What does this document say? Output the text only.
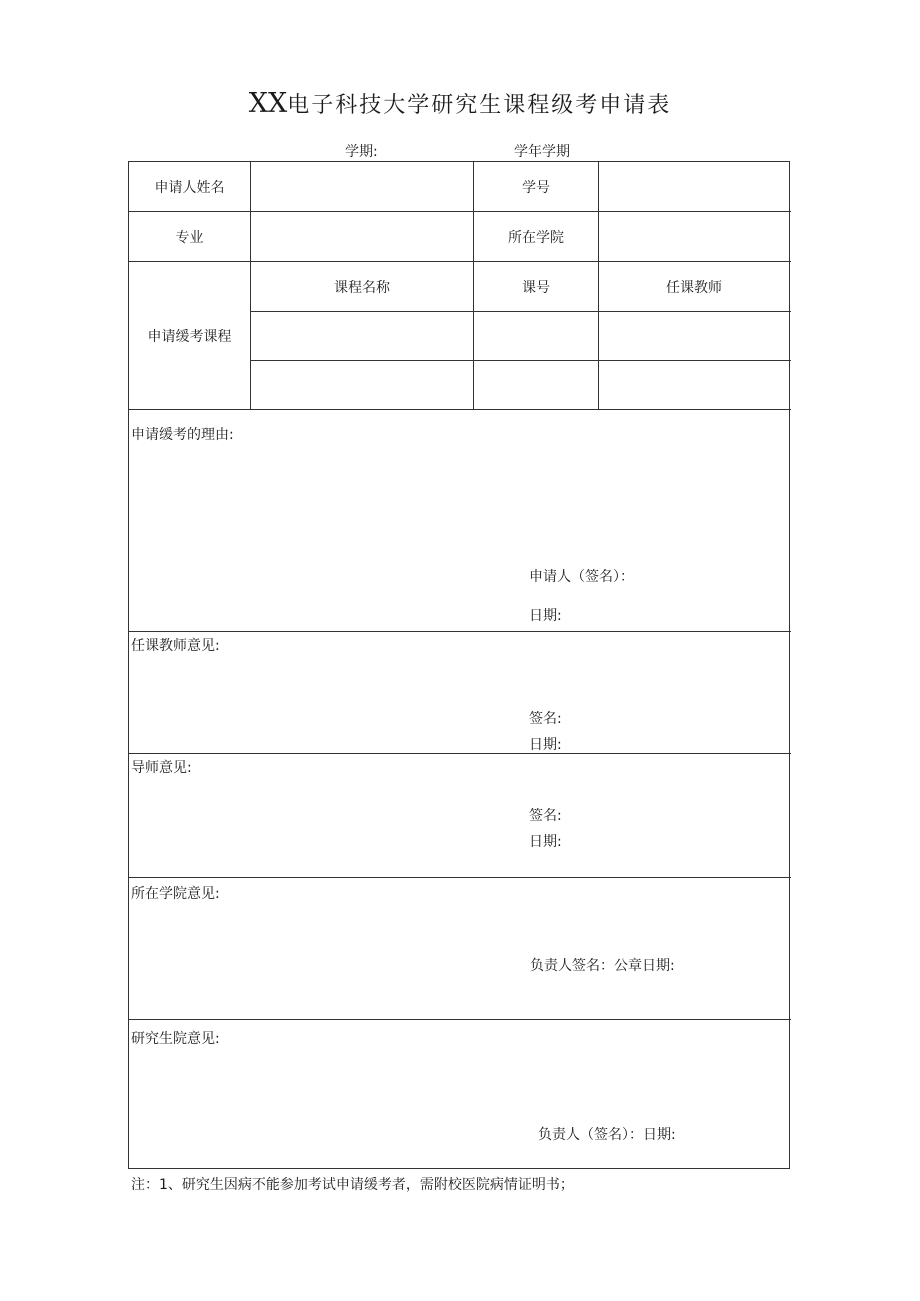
XX电子科技大学研究生课程级考申请表
学期:	学年学期
申请人姓名	学号
专业	所在学院
申请缓考课程
课程名称	课号	任课教师
申请缓考的理由:
申请人（签名）：
日期:
任课教师意见:
签名:
日期:
导师意见:
签名:
日期:
所在学院意见:
负责人签名：公章日期:
研究生院意见:
负责人（签名）：日期:
注：1、研究生因病不能参加考试申请缓考者，需附校医院病情证明书；
